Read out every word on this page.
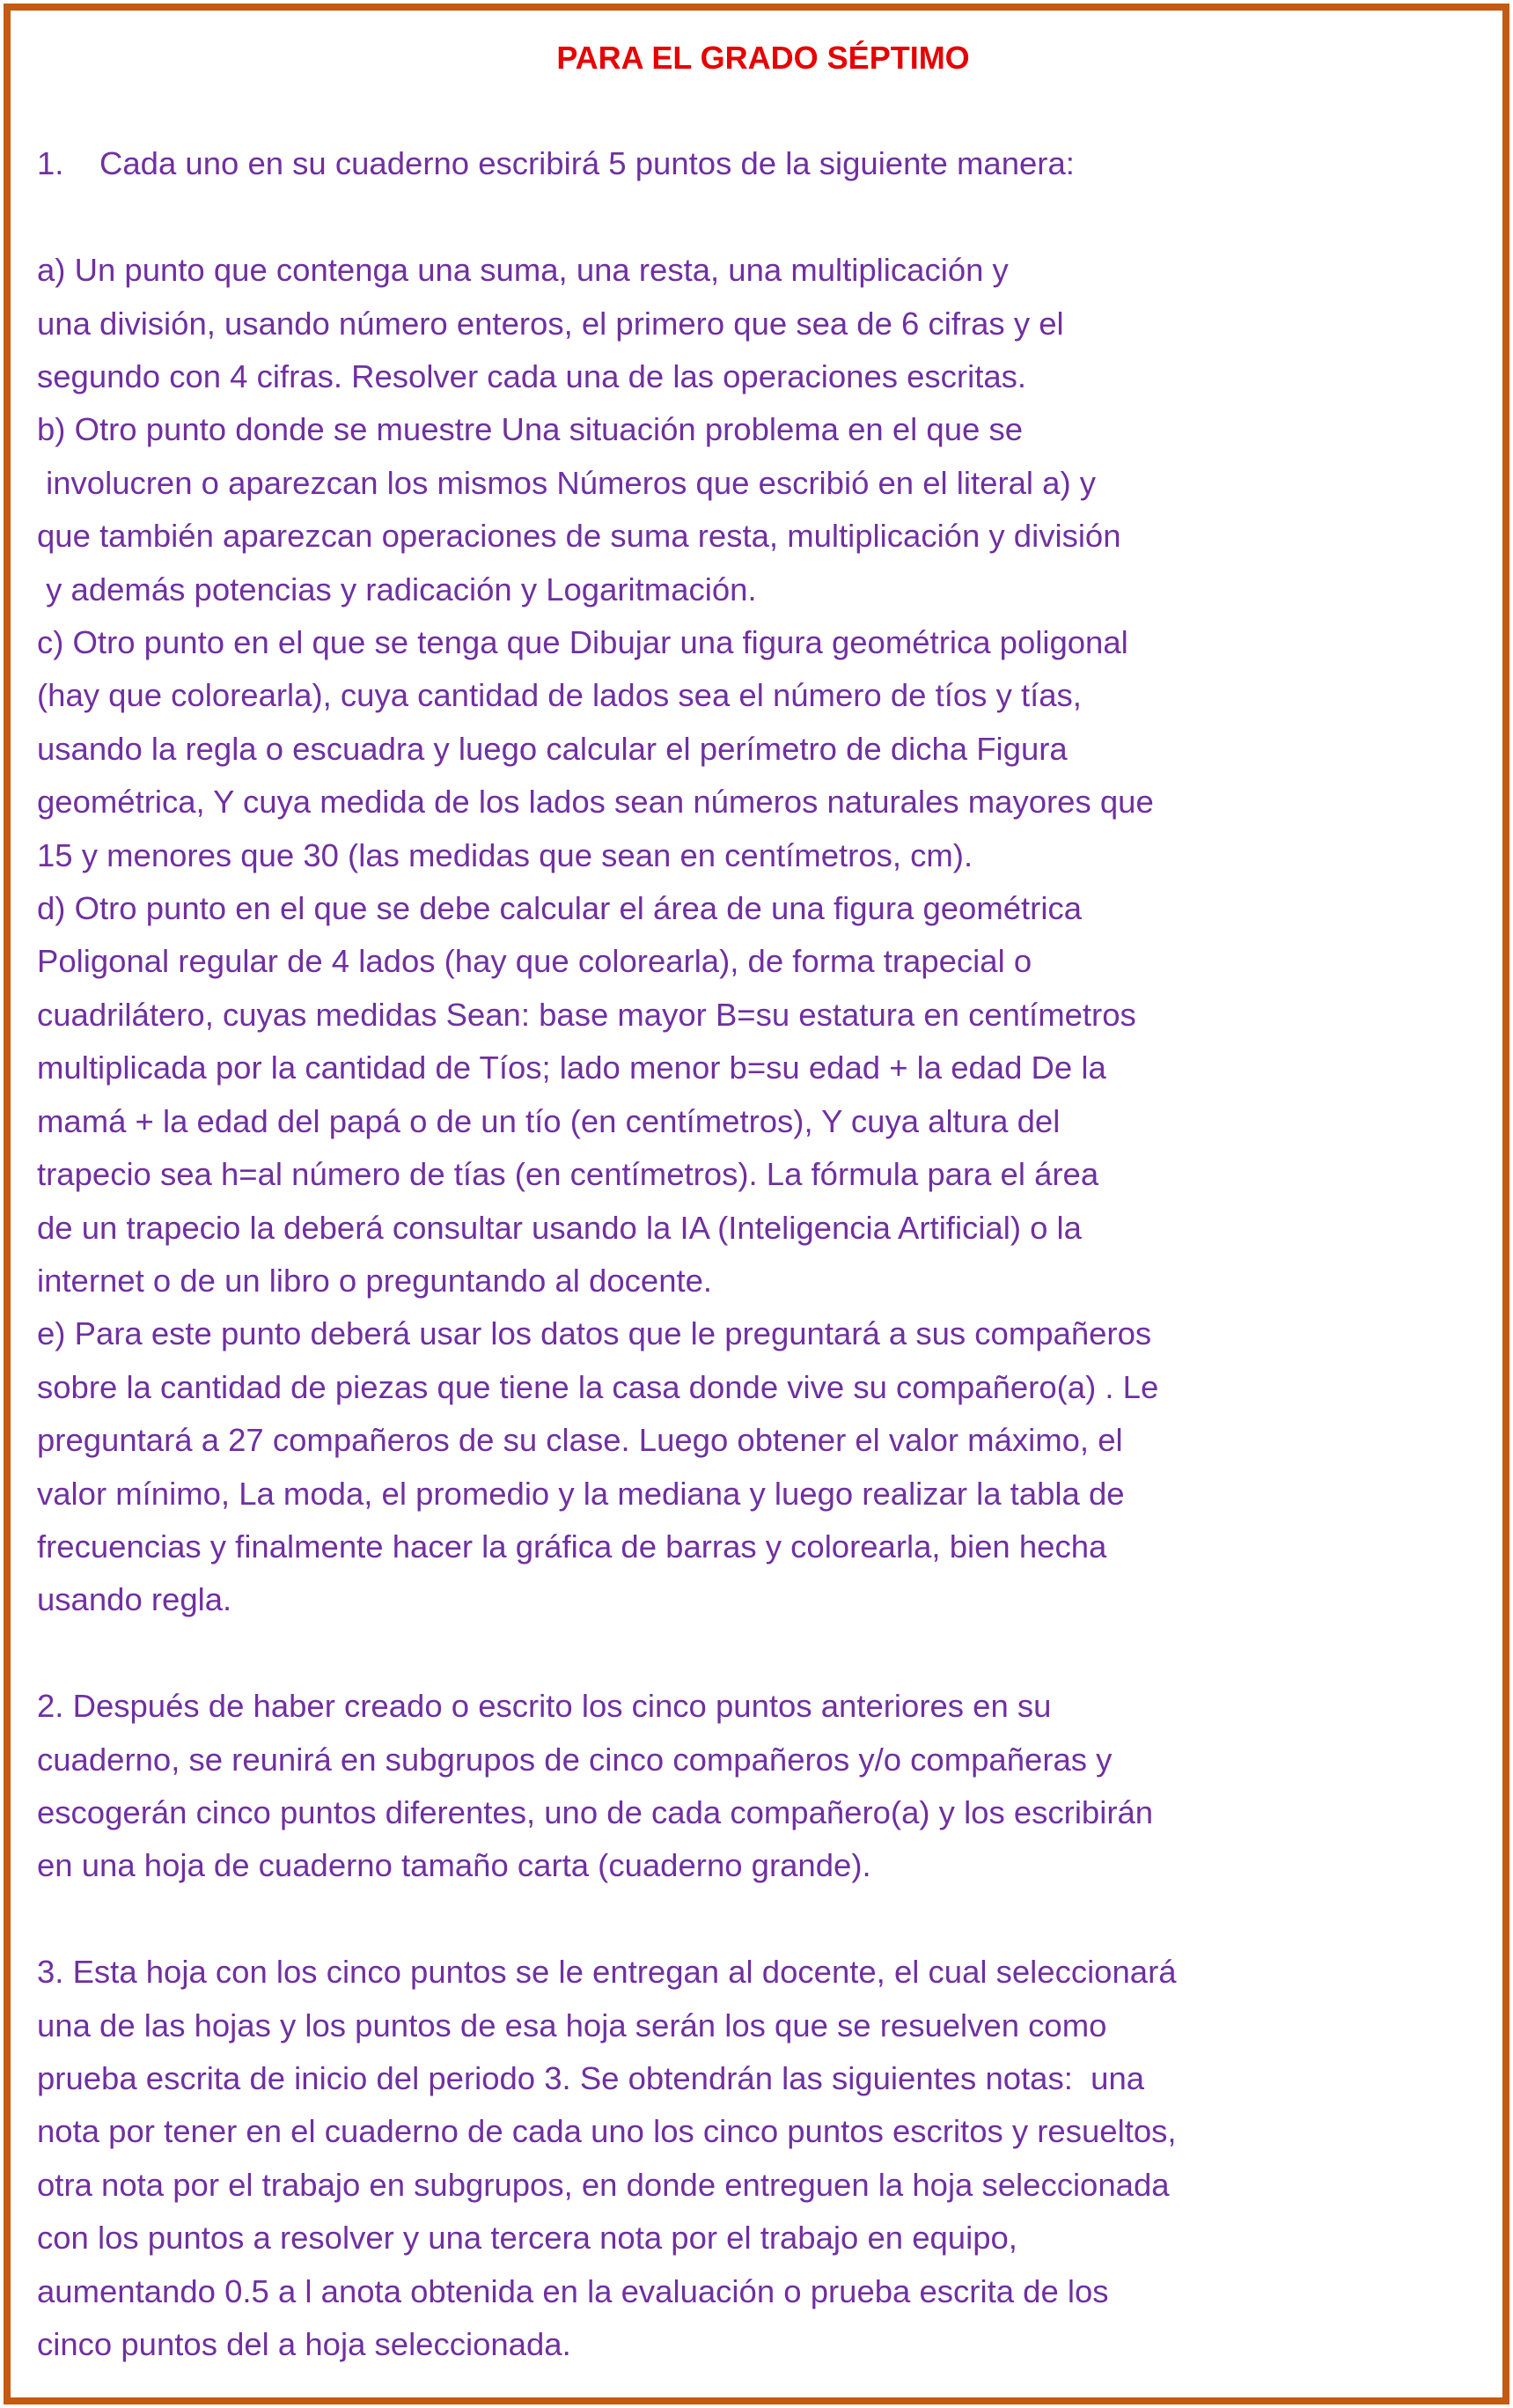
PARA EL GRADO SÉPTIMO
1.    Cada uno en su cuaderno escribirá 5 puntos de la siguiente manera:
a) Un punto que contenga una suma, una resta, una multiplicación y
una división, usando número enteros, el primero que sea de 6 cifras y el
segundo con 4 cifras. Resolver cada una de las operaciones escritas.
b) Otro punto donde se muestre Una situación problema en el que se
involucren o aparezcan los mismos Números que escribió en el literal a) y
que también aparezcan operaciones de suma resta, multiplicación y división
y además potencias y radicación y Logaritmación.
c) Otro punto en el que se tenga que Dibujar una figura geométrica poligonal
(hay que colorearla), cuya cantidad de lados sea el número de tíos y tías,
usando la regla o escuadra y luego calcular el perímetro de dicha Figura
geométrica, Y cuya medida de los lados sean números naturales mayores que
15 y menores que 30 (las medidas que sean en centímetros, cm).
d) Otro punto en el que se debe calcular el área de una figura geométrica
Poligonal regular de 4 lados (hay que colorearla), de forma trapecial o
cuadrilátero, cuyas medidas Sean: base mayor B=su estatura en centímetros
multiplicada por la cantidad de Tíos; lado menor b=su edad + la edad De la
mamá + la edad del papá o de un tío (en centímetros), Y cuya altura del
trapecio sea h=al número de tías (en centímetros). La fórmula para el área
de un trapecio la deberá consultar usando la IA (Inteligencia Artificial) o la
internet o de un libro o preguntando al docente.
e) Para este punto deberá usar los datos que le preguntará a sus compañeros
sobre la cantidad de piezas que tiene la casa donde vive su compañero(a) . Le
preguntará a 27 compañeros de su clase. Luego obtener el valor máximo, el
valor mínimo, La moda, el promedio y la mediana y luego realizar la tabla de
frecuencias y finalmente hacer la gráfica de barras y colorearla, bien hecha
usando regla.
2. Después de haber creado o escrito los cinco puntos anteriores en su
cuaderno, se reunirá en subgrupos de cinco compañeros y/o compañeras y
escogerán cinco puntos diferentes, uno de cada compañero(a) y los escribirán
en una hoja de cuaderno tamaño carta (cuaderno grande).
3. Esta hoja con los cinco puntos se le entregan al docente, el cual seleccionará
una de las hojas y los puntos de esa hoja serán los que se resuelven como
prueba escrita de inicio del periodo 3. Se obtendrán las siguientes notas:  una
nota por tener en el cuaderno de cada uno los cinco puntos escritos y resueltos,
otra nota por el trabajo en subgrupos, en donde entreguen la hoja seleccionada
con los puntos a resolver y una tercera nota por el trabajo en equipo,
aumentando 0.5 a l anota obtenida en la evaluación o prueba escrita de los
cinco puntos del a hoja seleccionada.
